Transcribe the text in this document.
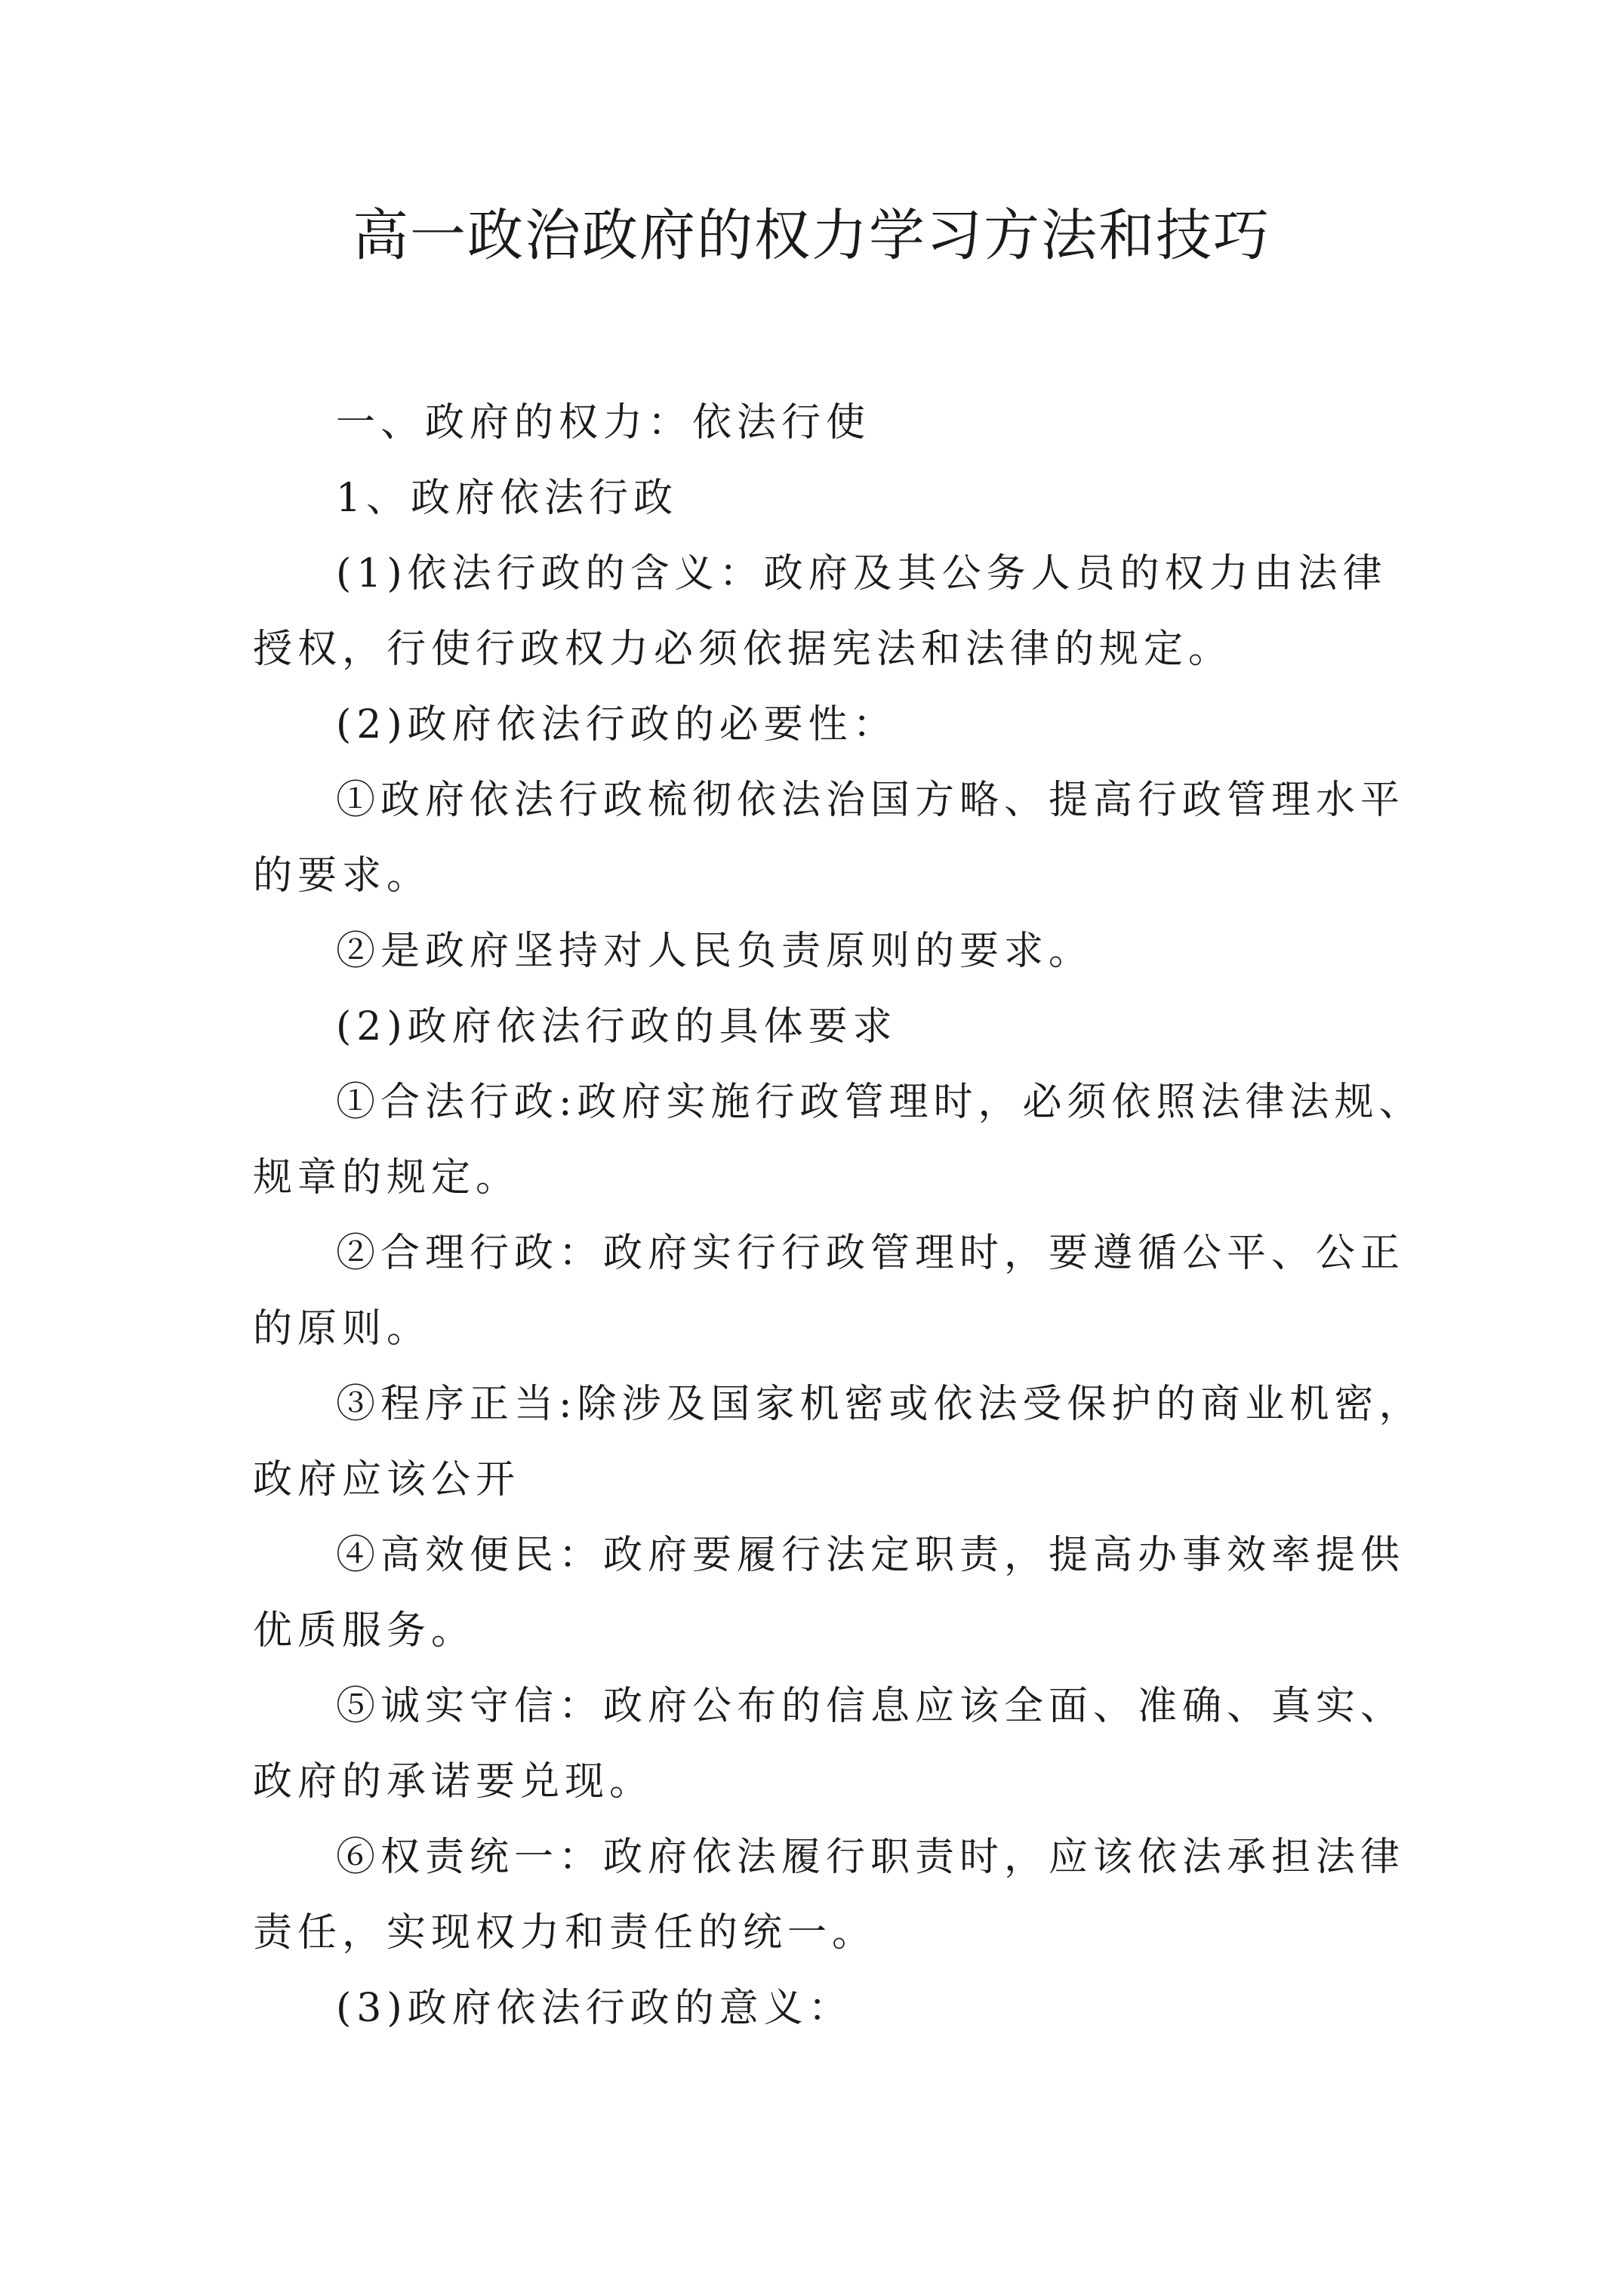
高一政治政府的权力学习方法和技巧

一、政府的权力：依法行使

1、政府依法行政

(1)依法行政的含义：政府及其公务人员的权力由法律授权，行使行政权力必须依据宪法和法律的规定。

(2)政府依法行政的必要性：

①政府依法行政梳彻依法治国方略、提高行政管理水平的要求。

②是政府坚持对人民负责原则的要求。

(2)政府依法行政的具体要求

①合法行政:政府实施行政管理时，必须依照法律法规、规章的规定。

②合理行政：政府实行行政管理时，要遵循公平、公正的原则。

③程序正当:除涉及国家机密或依法受保护的商业机密，政府应该公开

④高效便民：政府要履行法定职责，提高办事效率提供优质服务。

⑤诚实守信：政府公布的信息应该全面、准确、真实、政府的承诺要兑现。

⑥权责统一：政府依法履行职责时，应该依法承担法律责任，实现权力和责任的统一。

(3)政府依法行政的意义：
